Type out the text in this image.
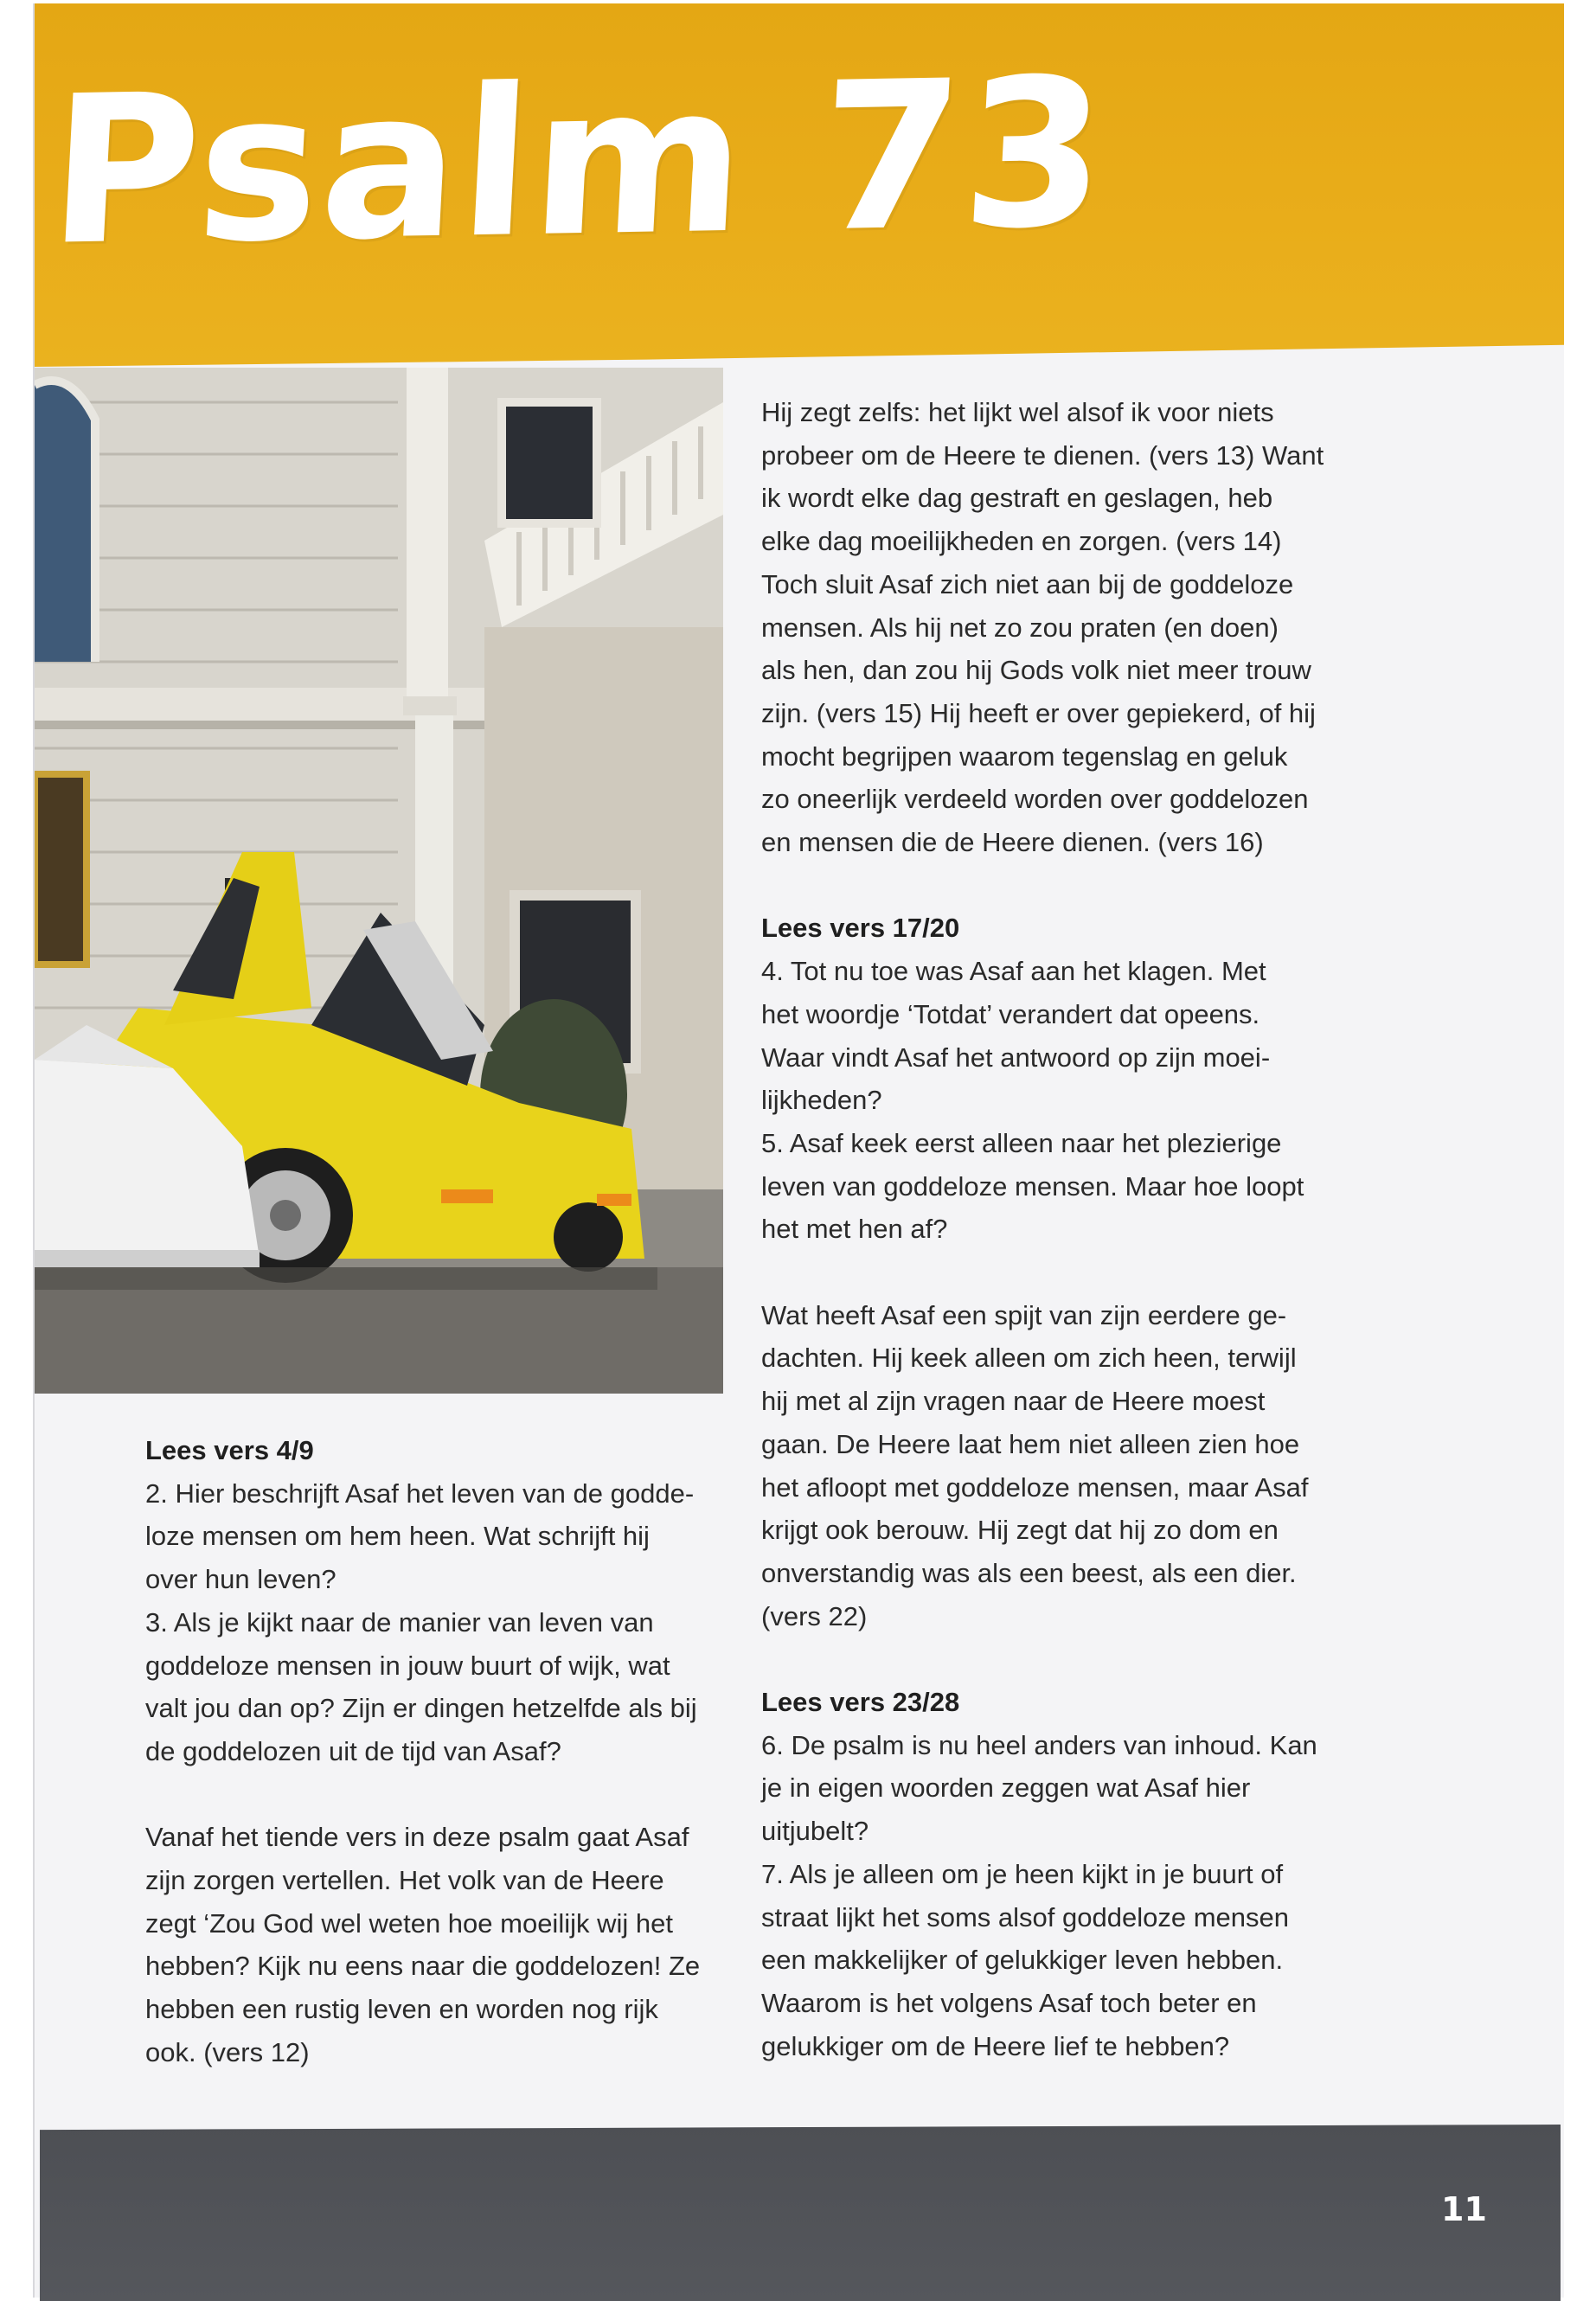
Psalm 73

Hij zegt zelfs: het lijkt wel alsof ik voor niets

probeer om de Heere te dienen. (vers 13) Want

ik wordt elke dag gestraft en geslagen, heb

elke dag moeilijkheden en zorgen. (vers 14)

Toch sluit Asaf zich niet aan bij de goddeloze

mensen. Als hij net zo zou praten (en doen)

als hen, dan zou hij Gods volk niet meer trouw

zijn. (vers 15) Hij heeft er over gepiekerd, of hij

mocht begrijpen waarom tegenslag en geluk

zo oneerlijk verdeeld worden over goddelozen

en mensen die de Heere dienen. (vers 16)

Lees vers 17/20

4. Tot nu toe was Asaf aan het klagen. Met

het woordje ‘Totdat’ verandert dat opeens.

Waar vindt Asaf het antwoord op zijn moei-

lijkheden?

5. Asaf keek eerst alleen naar het plezierige

leven van goddeloze mensen. Maar hoe loopt

het met hen af?

Wat heeft Asaf een spijt van zijn eerdere ge-

dachten. Hij keek alleen om zich heen, terwijl

hij met al zijn vragen naar de Heere moest

gaan. De Heere laat hem niet alleen zien hoe

het afloopt met goddeloze mensen, maar Asaf

krijgt ook berouw. Hij zegt dat hij zo dom en

onverstandig was als een beest, als een dier.

(vers 22)

Lees vers 23/28

6. De psalm is nu heel anders van inhoud. Kan

je in eigen woorden zeggen wat Asaf hier

uitjubelt?

7. Als je alleen om je heen kijkt in je buurt of

straat lijkt het soms alsof goddeloze mensen

een makkelijker of gelukkiger leven hebben.

Waarom is het volgens Asaf toch beter en

gelukkiger om de Heere lief te hebben?

Lees vers 4/9

2. Hier beschrijft Asaf het leven van de godde-

loze mensen om hem heen. Wat schrijft hij

over hun leven?

3. Als je kijkt naar de manier van leven van

goddeloze mensen in jouw buurt of wijk, wat

valt jou dan op? Zijn er dingen hetzelfde als bij

de goddelozen uit de tijd van Asaf?

Vanaf het tiende vers in deze psalm gaat Asaf

zijn zorgen vertellen. Het volk van de Heere

zegt ‘Zou God wel weten hoe moeilijk wij het

hebben? Kijk nu eens naar die goddelozen! Ze

hebben een rustig leven en worden nog rijk

ook. (vers 12)

11
